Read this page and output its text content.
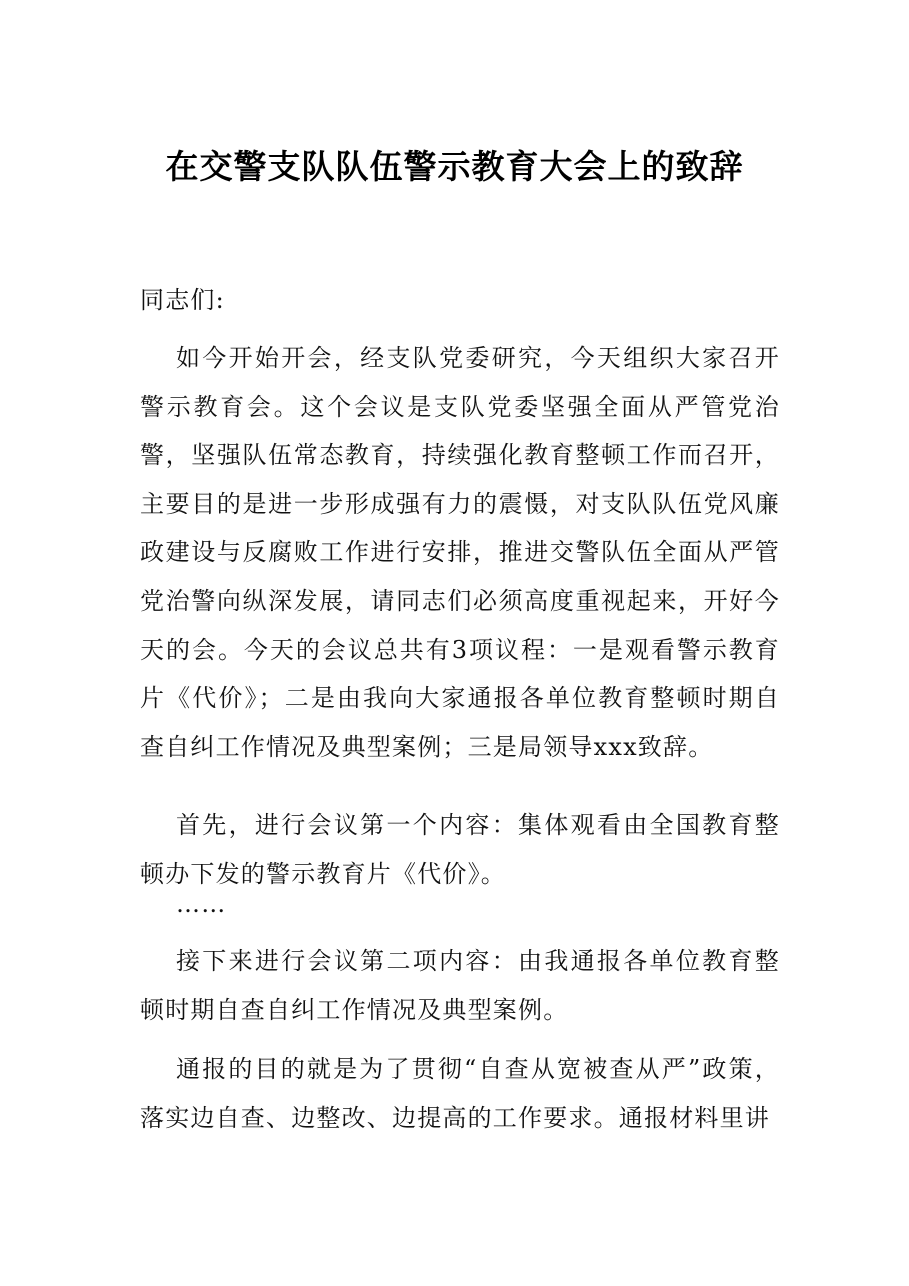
在交警支队队伍警示教育大会上的致辞
同志们:
如今开始开会，经支队党委研究，今天组织大家召开警示教育会。这个会议是支队党委坚强全面从严管党治警，坚强队伍常态教育，持续强化教育整顿工作而召开，主要目的是进一步形成强有力的震慑，对支队队伍党风廉政建设与反腐败工作进行安排，推进交警队伍全面从严管党治警向纵深发展，请同志们必须高度重视起来，开好今天的会。今天的会议总共有3项议程：一是观看警示教育片《代价》；二是由我向大家通报各单位教育整顿时期自查自纠工作情况及典型案例；三是局领导xxx致辞。
首先，进行会议第一个内容：集体观看由全国教育整顿办下发的警示教育片《代价》。
……
接下来进行会议第二项内容：由我通报各单位教育整顿时期自查自纠工作情况及典型案例。
通报的目的就是为了贯彻“自查从宽被查从严”政策，落实边自查、边整改、边提高的工作要求。通报材料里讲
